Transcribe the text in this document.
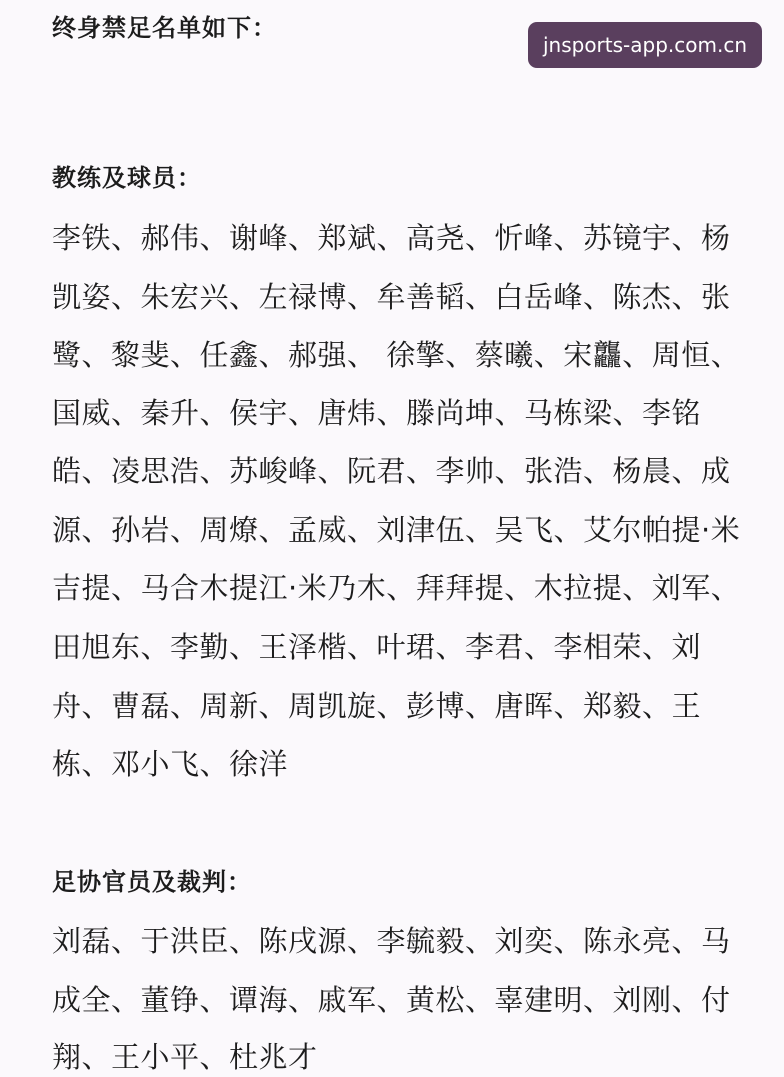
终身禁足名单如下：
jnsports-app.com.cn
教练及球员：

李铁、郝伟、谢峰、郑斌、高尧、忻峰、苏镜宇、杨

凯姿、朱宏兴、左禄博、牟善韬、白岳峰、陈杰、张

鹭、黎斐、任鑫、郝强、 徐擎、蔡曦、宋龘、周恒、

国威、秦升、侯宇、唐炜、滕尚坤、马栋梁、李铭

皓、凌思浩、苏峻峰、阮君、李帅、张浩、杨晨、成

源、孙岩、周燎、孟威、刘津伍、吴飞、艾尔帕提·米

吉提、马合木提江·米乃木、拜拜提、木拉提、刘军、

田旭东、李勤、王泽楷、叶珺、李君、李相荣、刘

舟、曹磊、周新、周凯旋、彭博、唐晖、郑毅、王

栋、邓小飞、徐洋

足协官员及裁判：

刘磊、于洪臣、陈戌源、李毓毅、刘奕、陈永亮、马

成全、董铮、谭海、戚军、黄松、辜建明、刘刚、付

翔、王小平、杜兆才
